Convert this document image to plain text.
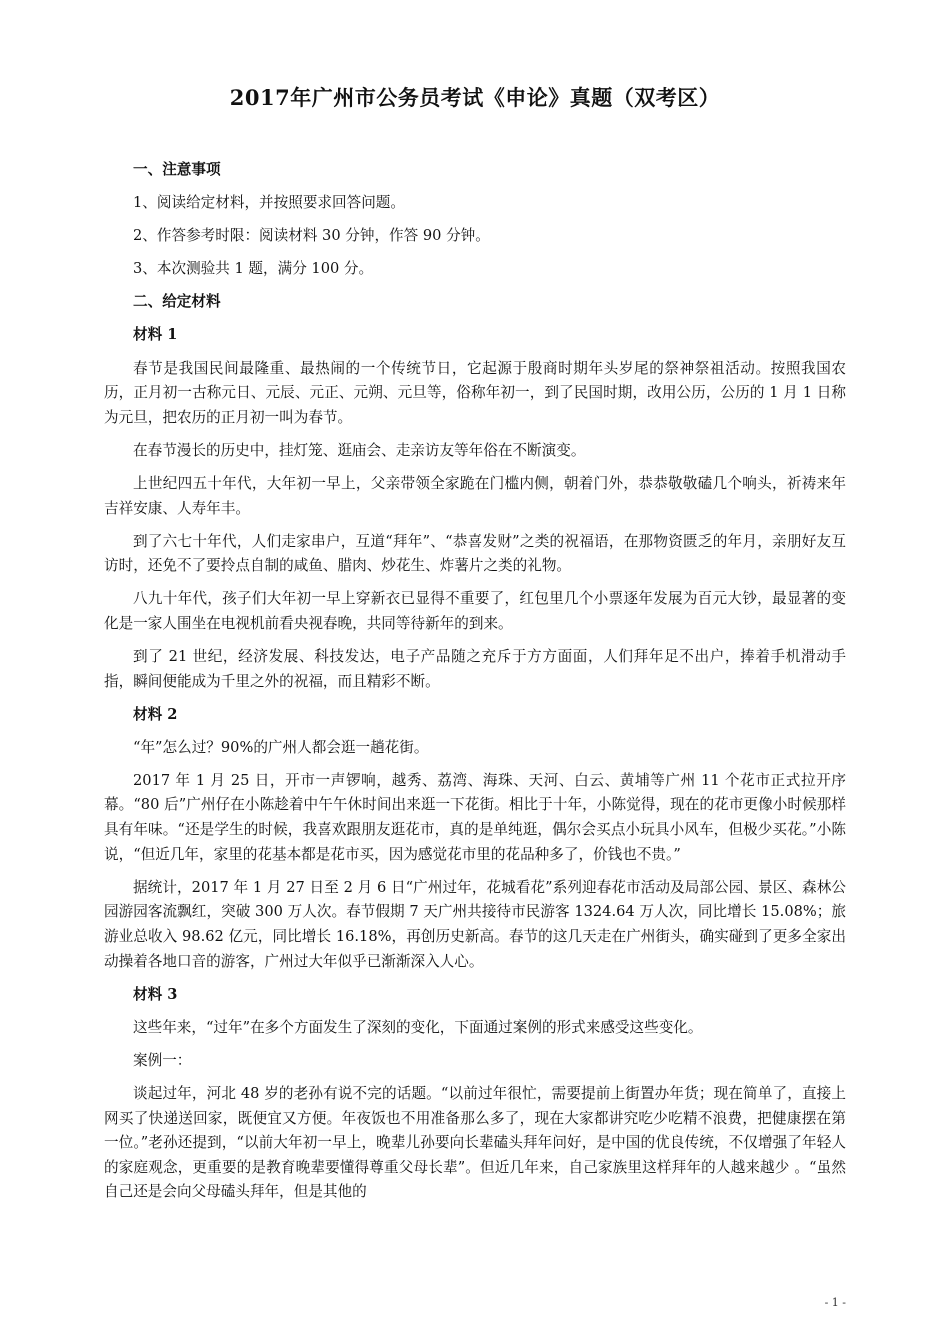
2017年广州市公务员考试《申论》真题（双考区）

一、注意事项

1、阅读给定材料，并按照要求回答问题。

2、作答参考时限：阅读材料 30 分钟，作答 90 分钟。

3、本次测验共 1 题，满分 100 分。

二、给定材料

材料 1

春节是我国民间最隆重、最热闹的一个传统节日，它起源于殷商时期年头岁尾的祭神祭祖活动。按照我国农历，正月初一古称元日、元辰、元正、元朔、元旦等，俗称年初一，到了民国时期，改用公历，公历的 1 月 1 日称为元旦，把农历的正月初一叫为春节。

在春节漫长的历史中，挂灯笼、逛庙会、走亲访友等年俗在不断演变。

上世纪四五十年代，大年初一早上，父亲带领全家跪在门槛内侧，朝着门外，恭恭敬敬磕几个响头，祈祷来年吉祥安康、人寿年丰。

到了六七十年代，人们走家串户，互道“拜年”、“恭喜发财”之类的祝福语，在那物资匮乏的年月，亲朋好友互访时，还免不了要拎点自制的咸鱼、腊肉、炒花生、炸薯片之类的礼物。

八九十年代，孩子们大年初一早上穿新衣已显得不重要了，红包里几个小票逐年发展为百元大钞，最显著的变化是一家人围坐在电视机前看央视春晚，共同等待新年的到来。

到了 21 世纪，经济发展、科技发达，电子产品随之充斥于方方面面，人们拜年足不出户，捧着手机滑动手指，瞬间便能成为千里之外的祝福，而且精彩不断。

材料 2

“年”怎么过？90%的广州人都会逛一趟花街。

2017 年 1 月 25 日，开市一声锣响，越秀、荔湾、海珠、天河、白云、黄埔等广州 11 个花市正式拉开序幕。“80 后”广州仔在小陈趁着中午午休时间出来逛一下花街。相比于十年，小陈觉得，现在的花市更像小时候那样具有年味。“还是学生的时候，我喜欢跟朋友逛花市，真的是单纯逛，偶尔会买点小玩具小风车，但极少买花。”小陈说，“但近几年，家里的花基本都是花市买，因为感觉花市里的花品种多了，价钱也不贵。”

据统计，2017 年 1 月 27 日至 2 月 6 日“广州过年，花城看花”系列迎春花市活动及局部公园、景区、森林公园游园客流飘红，突破 300 万人次。春节假期 7 天广州共接待市民游客 1324.64 万人次，同比增长 15.08%；旅游业总收入 98.62 亿元，同比增长 16.18%，再创历史新高。春节的这几天走在广州街头，确实碰到了更多全家出动操着各地口音的游客，广州过大年似乎已渐渐深入人心。

材料 3

这些年来，“过年”在多个方面发生了深刻的变化，下面通过案例的形式来感受这些变化。

案例一：

谈起过年，河北 48 岁的老孙有说不完的话题。“以前过年很忙，需要提前上街置办年货；现在简单了，直接上网买了快递送回家，既便宜又方便。年夜饭也不用准备那么多了，现在大家都讲究吃少吃精不浪费，把健康摆在第一位。”老孙还提到，“以前大年初一早上，晚辈儿孙要向长辈磕头拜年问好，是中国的优良传统，不仅增强了年轻人的家庭观念，更重要的是教育晚辈要懂得尊重父母长辈”。但近几年来，自己家族里这样拜年的人越来越少 。“虽然自己还是会向父母磕头拜年，但是其他的

- 1 -
